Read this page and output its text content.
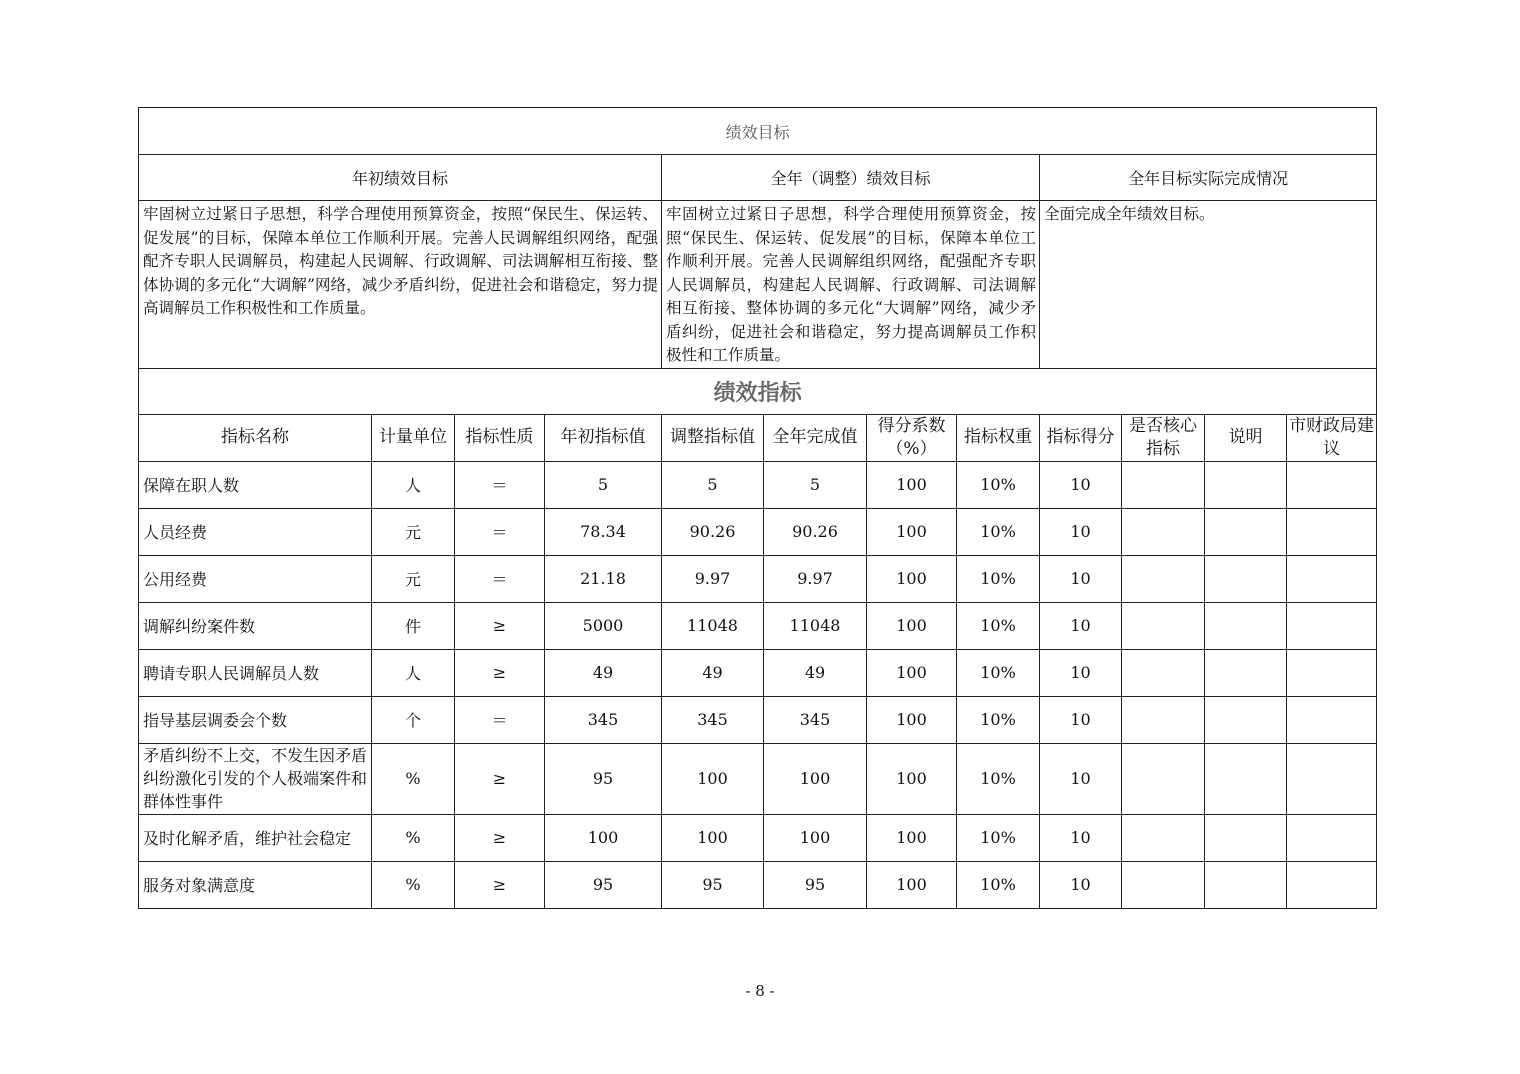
绩效目标											
年初绩效目标				全年（调整）绩效目标				全年目标实际完成情况			
牢固树立过紧日子思想，科学合理使用预算资金，按照“保民生、保运转、促发展”的目标，保障本单位工作顺利开展。完善人民调解组织网络，配强配齐专职人民调解员，构建起人民调解、行政调解、司法调解相互衔接、整体协调的多元化“大调解”网络，减少矛盾纠纷，促进社会和谐稳定，努力提高调解员工作积极性和工作质量。				牢固树立过紧日子思想，科学合理使用预算资金，按照“保民生、保运转、促发展”的目标，保障本单位工作顺利开展。完善人民调解组织网络，配强配齐专职人民调解员，构建起人民调解、行政调解、司法调解相互衔接、整体协调的多元化“大调解”网络，减少矛盾纠纷，促进社会和谐稳定，努力提高调解员工作积极性和工作质量。				全面完成全年绩效目标。			
绩效指标											
指标名称	计量单位	指标性质	年初指标值	调整指标值	全年完成值	得分系数（%）	指标权重	指标得分	是否核心指标	说明	市财政局建议
保障在职人数	人	＝	5	5	5	100	10%	10			
人员经费	元	＝	78.34	90.26	90.26	100	10%	10			
公用经费	元	＝	21.18	9.97	9.97	100	10%	10			
调解纠纷案件数	件	≥	5000	11048	11048	100	10%	10			
聘请专职人民调解员人数	人	≥	49	49	49	100	10%	10			
指导基层调委会个数	个	＝	345	345	345	100	10%	10			
矛盾纠纷不上交，不发生因矛盾纠纷激化引发的个人极端案件和群体性事件	%	≥	95	100	100	100	10%	10			
及时化解矛盾，维护社会稳定	%	≥	100	100	100	100	10%	10			
服务对象满意度	%	≥	95	95	95	100	10%	10			
- 8 -
